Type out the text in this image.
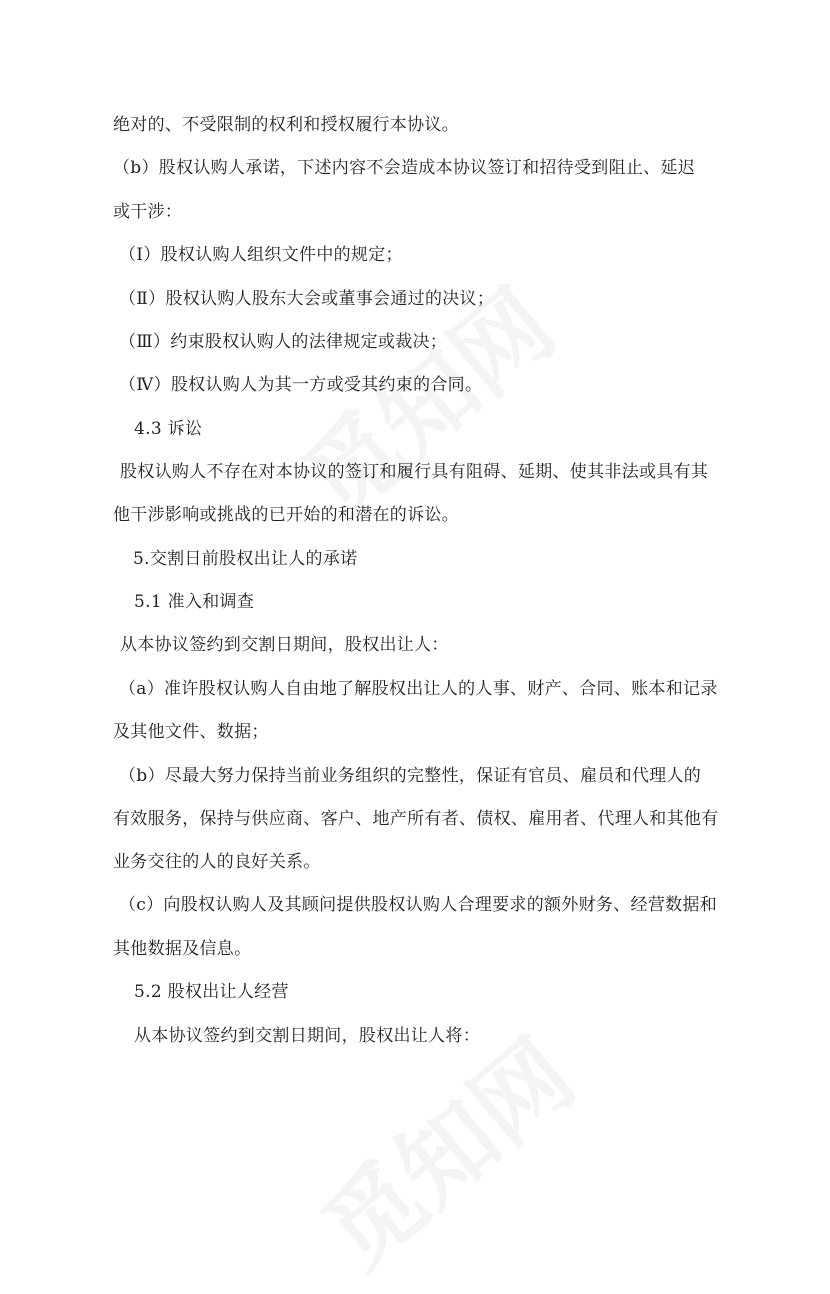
绝对的、不受限制的权利和授权履行本协议。
（b）股权认购人承诺，下述内容不会造成本协议签订和招待受到阻止、延迟
或干涉：
（Ⅰ）股权认购人组织文件中的规定；
（Ⅱ）股权认购人股东大会或董事会通过的决议；
（Ⅲ）约束股权认购人的法律规定或裁决；
（Ⅳ）股权认购人为其一方或受其约束的合同。
4.3 诉讼
股权认购人不存在对本协议的签订和履行具有阻碍、延期、使其非法或具有其
他干涉影响或挑战的已开始的和潜在的诉讼。
5.交割日前股权出让人的承诺
5.1 准入和调查
从本协议签约到交割日期间，股权出让人：
（a）准许股权认购人自由地了解股权出让人的人事、财产、合同、账本和记录
及其他文件、数据；
（b）尽最大努力保持当前业务组织的完整性，保证有官员、雇员和代理人的
有效服务，保持与供应商、客户、地产所有者、债权、雇用者、代理人和其他有
业务交往的人的良好关系。
（c）向股权认购人及其顾问提供股权认购人合理要求的额外财务、经营数据和
其他数据及信息。
5.2 股权出让人经营
从本协议签约到交割日期间，股权出让人将：
